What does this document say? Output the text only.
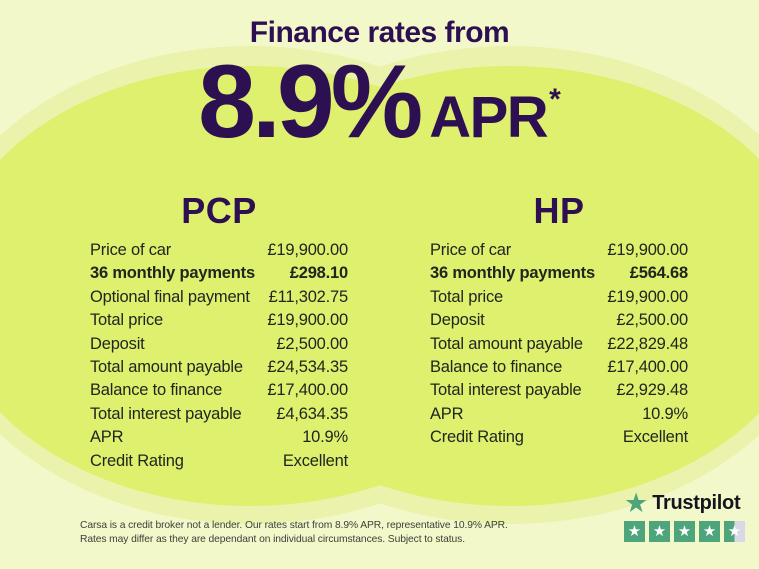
Finance rates from
8.9% APR*
PCP
Price of car	£19,900.00
36 monthly payments £298.10
Optional final payment £11,302.75
Total price	£19,900.00
Deposit	£2,500.00
Total amount payable £24,534.35
Balance to finance	£17,400.00
Total interest payable £4,634.35
APR	10.9%
Credit Rating	Excellent
HP
Price of car	£19,900.00
36 monthly payments £564.68
Total price	£19,900.00
Deposit	£2,500.00
Total amount payable £22,829.48
Balance to finance	£17,400.00
Total interest payable £2,929.48
APR	10.9%
Credit Rating	Excellent
Carsa is a credit broker not a lender. Our rates start from 8.9% APR, representative 10.9% APR.
Rates may differ as they are dependant on individual circumstances. Subject to status.
★ Trustpilot
★ ★ ★ ★ ★
